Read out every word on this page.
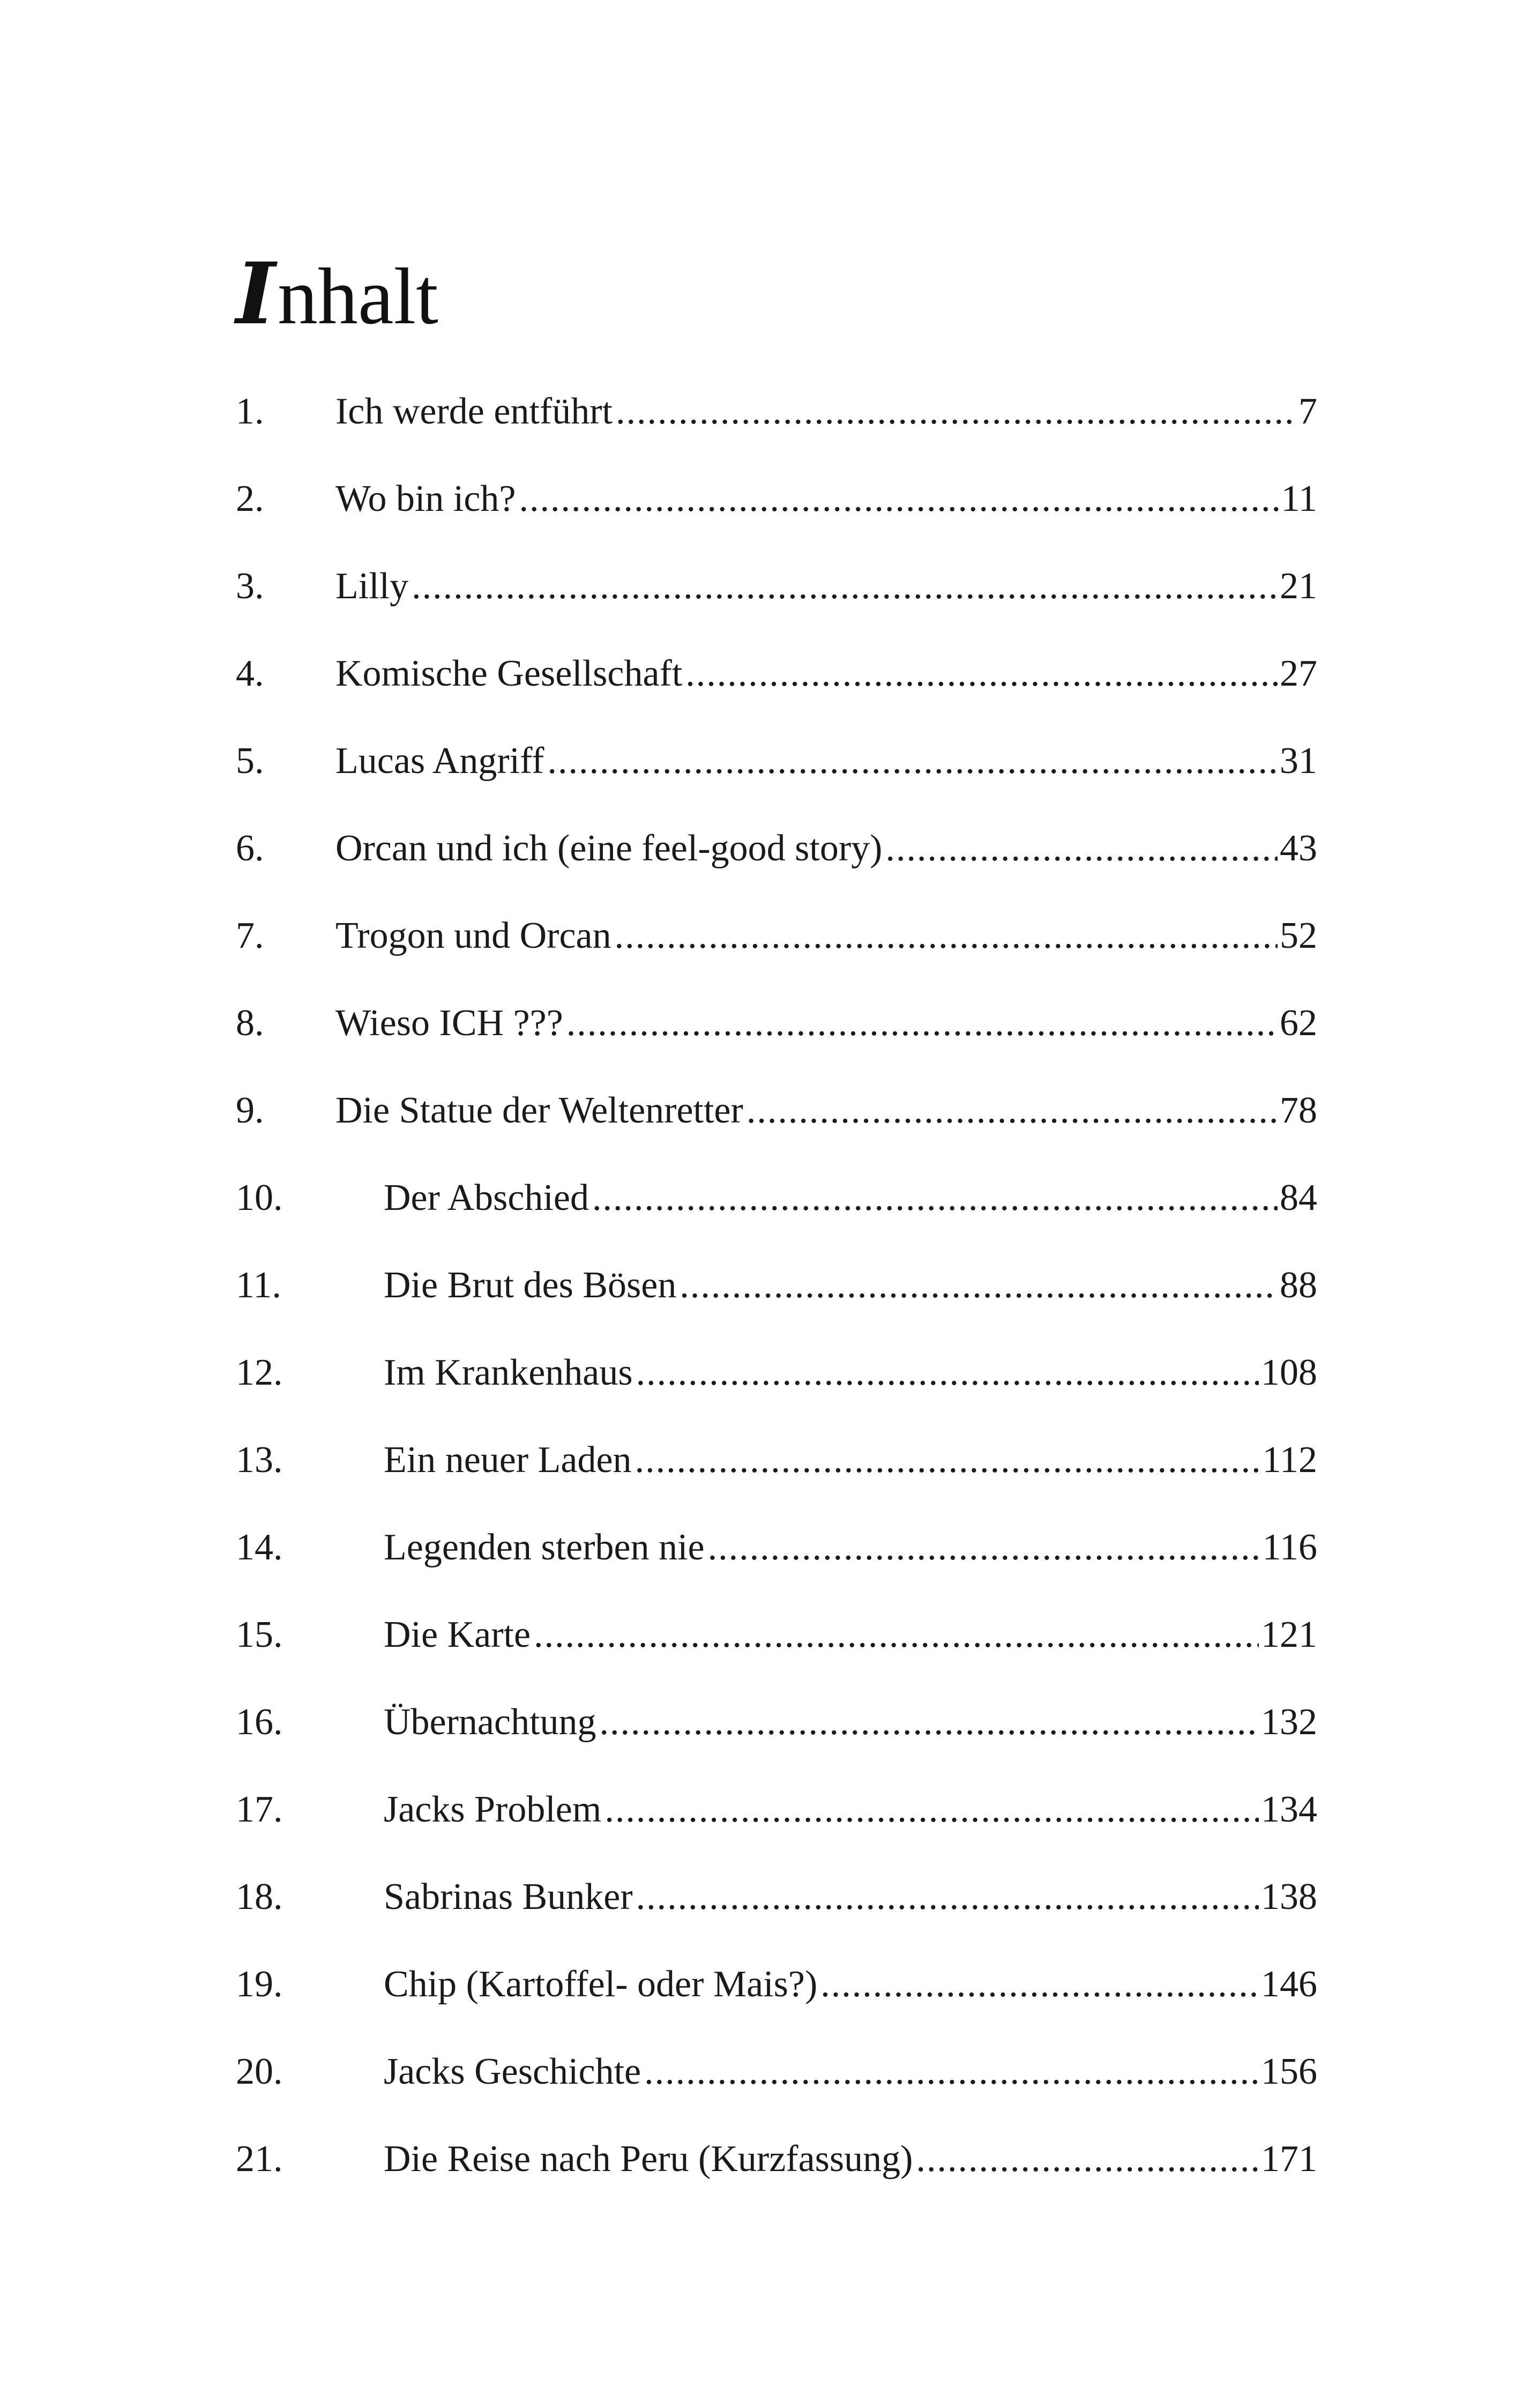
Inhalt
1. Ich werde entführt .....	7
2. Wo bin ich? .....	11
3. Lilly .....	21
4. Komische Gesellschaft .....	27
5. Lucas Angriff .....	31
6. Orcan und ich (eine feel-good story) .....	43
7. Trogon und Orcan .....	52
8. Wieso ICH ??? .....	62
9. Die Statue der Weltenretter .....	78
10.	Der Abschied .....	84
11.	Die Brut des Bösen .....	88
12.	Im Krankenhaus .....	108
13.	Ein neuer Laden .....	112
14.	Legenden sterben nie .....	116
15.	Die Karte .....	121
16.	Übernachtung .....	132
17.	Jacks Problem .....	134
18.	Sabrinas Bunker .....	138
19.	Chip (Kartoffel- oder Mais?) .....	146
20.	Jacks Geschichte .....	156
21.	Die Reise nach Peru (Kurzfassung) .....	171
